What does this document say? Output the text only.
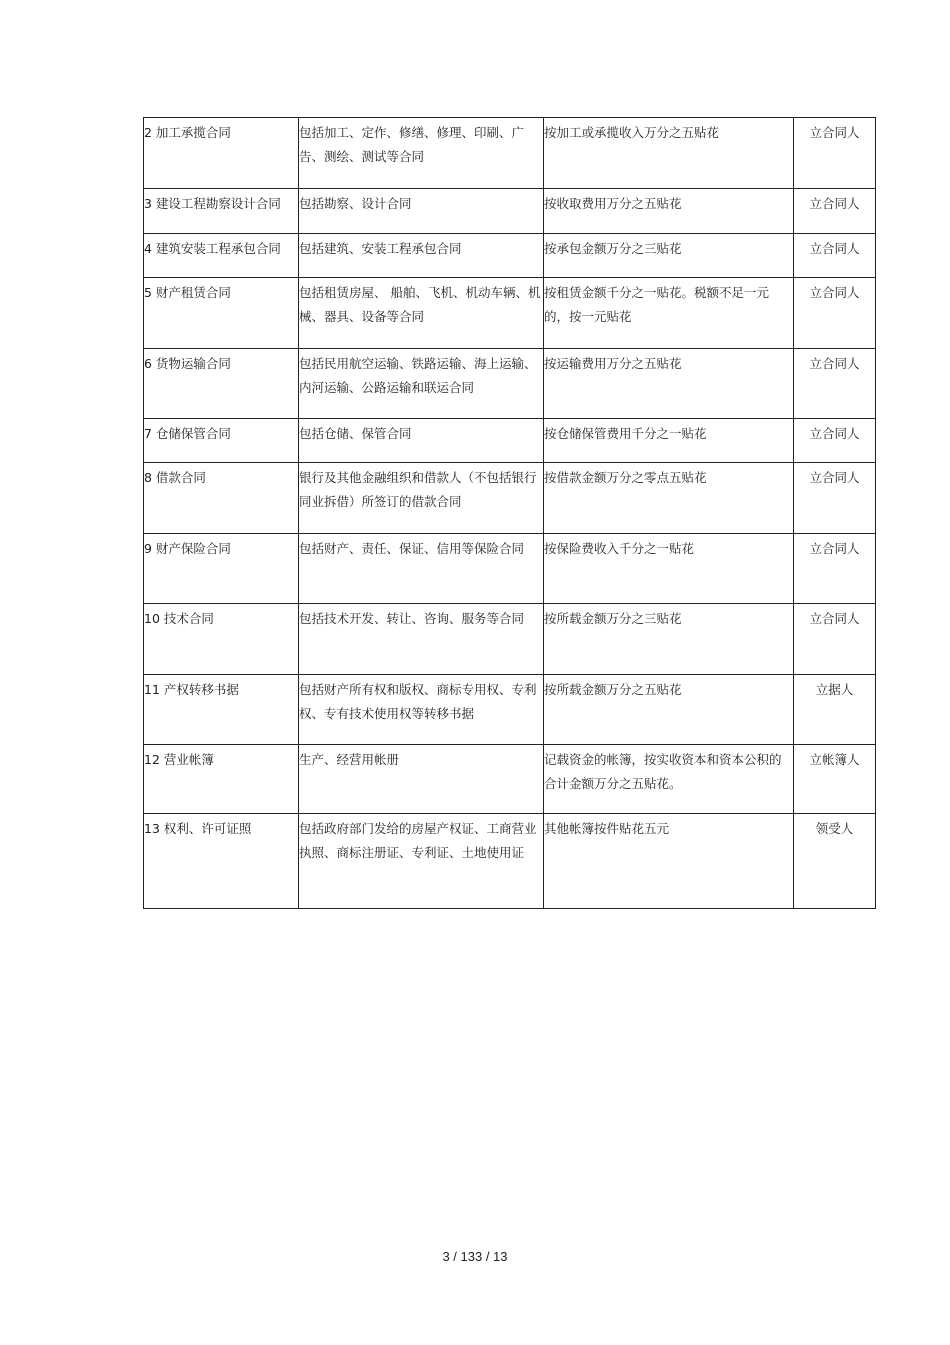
2 加工承揽合同	包括加工、定作、修缮、修理、印刷、广告、测绘、测试等合同	按加工或承揽收入万分之五贴花	立合同人
3 建设工程勘察设计合同	包括勘察、设计合同	按收取费用万分之五贴花	立合同人
4 建筑安装工程承包合同	包括建筑、安装工程承包合同	按承包金额万分之三贴花	立合同人
5 财产租赁合同	包括租赁房屋、 船舶、飞机、机动车辆、机械、器具、设备等合同	按租赁金额千分之一贴花。税额不足一元的，按一元贴花	立合同人
6 货物运输合同	包括民用航空运输、铁路运输、海上运输、内河运输、公路运输和联运合同	按运输费用万分之五贴花	立合同人
7 仓储保管合同	包括仓储、保管合同	按仓储保管费用千分之一贴花	立合同人
8 借款合同	银行及其他金融组织和借款人（不包括银行同业拆借）所签订的借款合同	按借款金额万分之零点五贴花	立合同人
9 财产保险合同	包括财产、责任、保证、信用等保险合同	按保险费收入千分之一贴花	立合同人
10 技术合同	包括技术开发、转让、咨询、服务等合同	按所载金额万分之三贴花	立合同人
11 产权转移书据	包括财产所有权和版权、商标专用权、专利权、专有技术使用权等转移书据	按所载金额万分之五贴花	立据人
12 营业帐簿	生产、经营用帐册	记载资金的帐簿，按实收资本和资本公积的合计金额万分之五贴花。	立帐簿人
13 权利、许可证照	包括政府部门发给的房屋产权证、工商营业执照、商标注册证、专利证、土地使用证	其他帐簿按件贴花五元	领受人
3 / 133 / 13
